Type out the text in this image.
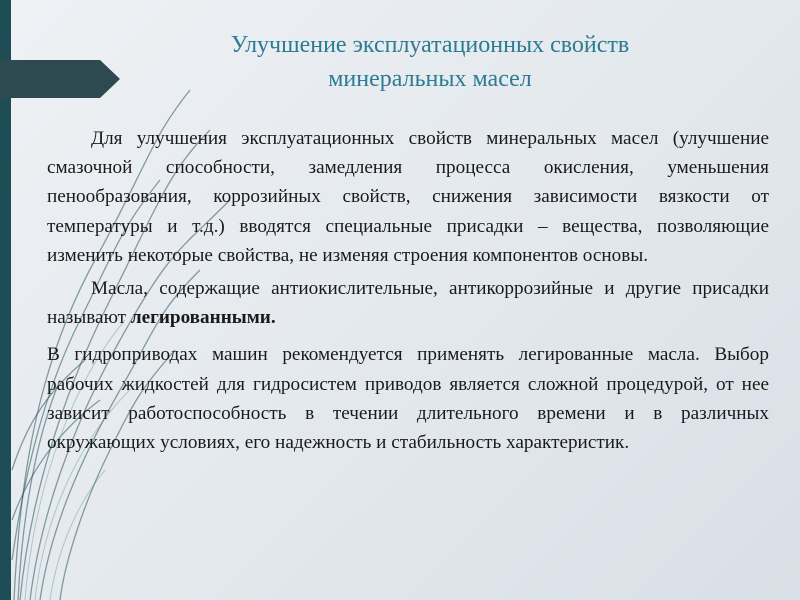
Улучшение эксплуатационных свойств
минеральных масел

Для улучшения эксплуатационных свойств минеральных масел (улучшение смазочной способности, замедления процесса окисления, уменьшения пенообразования, коррозийных свойств, снижения зависимости вязкости от температуры и т.д.) вводятся специальные присадки – вещества, позволяющие изменить некоторые свойства, не изменяя строения компонентов основы.

Масла, содержащие антиокислительные, антикоррозийные и другие присадки называют легированными.

В гидроприводах машин рекомендуется применять легированные масла. Выбор рабочих жидкостей для гидросистем приводов является сложной процедурой, от нее зависит работоспособность в течении длительного времени и в различных окружающих условиях, его надежность и стабильность характеристик.
